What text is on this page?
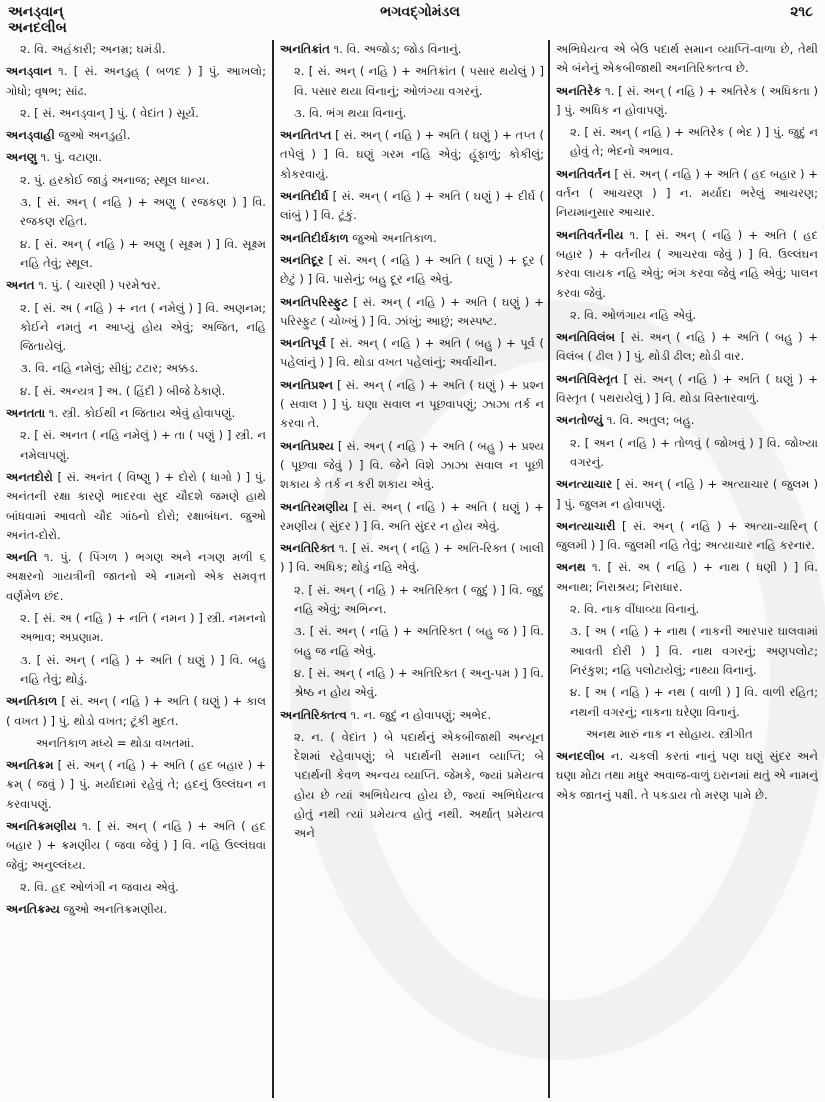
અનડ્વાન્
અનદલીબ
ભગવદ્ગોમંડલ	૨૧૮

૨. વિ. અહંકારી; અનમ્ર; ઘમંડી.

અનડ્વાન ૧. [ સં. અનડુહ્ ( બળદ ) ] પું. આખલો; ગોધો; વૃષભ; સાંઢ.

૨. [ સં. અનડ્વાન્ ] પું. ( વેદાંત ) સૂર્ય.

અનડ્વાહી જુઓ અનડુહી.

અનણુ ૧. પું. વટાણા.

૨. પું. હરકોઈ જાડું અનાજ; સ્થૂલ ધાન્ય.

૩. [ સં. અન્ ( નહિ ) + અણુ ( રજકણ ) ] વિ. રજકણ રહિત.

૪. [ સં. અન્ ( નહિ ) + અણુ ( સૂક્ષ્મ ) ] વિ. સૂક્ષ્મ નહિ તેવું; સ્થૂલ.

અનત ૧. પું. ( ચારણી ) પરમેશ્વર.

૨. [ સં. અ ( નહિ ) + નત ( નમેલું ) ] વિ. અણનમ; કોઈને નમતું ન આપ્યું હોય એવું; અજિત, નહિ જિતાયેલું.

૩. વિ. નહિ નમેલું; સીધું; ટટાર; અક્કડ.

૪. [ સં. અન્યત્ર ] અ. ( હિંદી ) બીજે ઠેકાણે.

અનતતા ૧. સ્ત્રી. કોઈથી ન જિતાય એવું હોવાપણું.

૨. [ સં. અનત ( નહિ નમેલું ) + તા ( પણું ) ] સ્ત્રી. ન નમેલાપણું.

અનતદોરો [ સં. અનંત ( વિષ્ણુ ) + દોરો ( ધાગો ) ] પું. અનંતની રક્ષા કારણે ભાદરવા સુદ ચૌદશે જમણે હાથે બાંધવામાં આવતો ચૌદ ગાંઠનો દોરો; રક્ષાબંધન. જુઓ અનંત-દોરો.

અનતિ ૧. પું. ( પિંગળ ) ભગણ અને નગણ મળી ૬ અક્ષરનો ગાયત્રીની જાતનો એ નામનો એક સમવૃત્ત વર્ણમેળ છંદ.

૨. [ સં. અ ( નહિ ) + નતિ ( નમન ) ] સ્ત્રી. નમનનો અભાવ; અપ્રણામ.

૩. [ સં. અન્ ( નહિ ) + અતિ ( ઘણું ) ] વિ. બહુ નહિ તેવું; થોડું.

અનતિકાળ [ સં. અન્ ( નહિ ) + અતિ ( ઘણું ) + કાલ ( વખત ) ] પું. થોડો વખત; ટૂંકી મુદત.

અનતિકાળ મધ્યે = થોડા વખતમાં.

અનતિક્રમ [ સં. અન્ ( નહિ ) + અતિ ( હદ બહાર ) + ક્રમ્ ( જવું ) ] પું. મર્યાદામાં રહેવું તે; હદનું ઉલ્લંઘન ન કરવાપણું.

અનતિક્રમણીય ૧. [ સં. અન્ ( નહિ ) + અતિ ( હદ બહાર ) + ક્રમણીય ( જવા જેવું ) ] વિ. નહિ ઉલ્લંઘવા જેવું; અનુલ્લંઘ્ય.

૨. વિ. હદ ઓળંગી ન જવાય એવું.

અનતિક્રમ્ય જુઓ અનતિક્રમણીય.

અનતિક્રાંત ૧. વિ. અજોડ; જોડ વિનાનું.

૨. [ સં. અન્ ( નહિ ) + અતિક્રાંત ( પસાર થયેલું ) ] વિ. પસાર થયા વિનાનું; ઓળંગ્યા વગરનું.

૩. વિ. ભંગ થયા વિનાનું.

અનતિતપ્ત [ સં. અન્ ( નહિ ) + અતિ ( ઘણું ) + તપ્ત ( તપેલું ) ] વિ. ઘણું ગરમ નહિ એવું; હૂંફાળું; કોકીલું; કોકરવાયું.

અનતિદીર્ઘ [ સં. અન્ ( નહિ ) + અતિ ( ઘણું ) + દીર્ઘ ( લાંબું ) ] વિ. ટૂંકું.

અનતિદીર્ઘકાળ જુઓ અનતિકાળ.

અનતિદૂર [ સં. અન્ ( નહિ ) + અતિ ( ઘણું ) + દૂર ( છેટું ) ] વિ. પાસેનું; બહુ દૂર નહિ એવું.

અનતિપરિસ્ફુટ [ સં. અન્ ( નહિ ) + અતિ ( ઘણું ) + પરિસ્ફુટ ( ચોખ્ખું ) ] વિ. ઝાંખું; આછું; અસ્પષ્ટ.

અનતિપૂર્વ [ સં. અન્ ( નહિ ) + અતિ ( બહુ ) + પૂર્વ ( પહેલાંનું ) ] વિ. થોડા વખત પહેલાંનું; અર્વાચીન.

અનતિપ્રશ્ન [ સં. અન્ ( નહિ ) + અતિ ( ઘણું ) + પ્રશ્ન ( સવાલ ) ] પું. ઘણા સવાલ ન પૂછવાપણું; ઝાઝા તર્ક ન કરવા તે.

અનતિપ્રશ્ય [ સં. અન્ ( નહિ ) + અતિ ( બહુ ) + પ્રશ્ય ( પૂછવા જેવું ) ] વિ. જેને વિશે ઝાઝા સવાલ ન પૂછી શકાય કે તર્ક ન કરી શકાય એવું.

અનતિરમણીય [ સં. અન્ ( નહિ ) + અતિ ( ઘણું ) + રમણીય ( સુંદર ) ] વિ. અતિ સુંદર ન હોય એવું.

અનતિરિક્ત ૧. [ સં. અન્ ( નહિ ) + અતિ-રિક્ત ( ખાલી ) ] વિ. અધિક; થોડું નહિ એવું.

૨. [ સં. અન્ ( નહિ ) + અતિરિક્ત ( જુદું ) ] વિ. જુદું નહિ એવું; અભિન્ન.

૩. [ સં. અન્ ( નહિ ) + અતિરિક્ત ( બહુ જ ) ] વિ. બહુ જ નહિ એવું.

૪. [ સં. અન્ ( નહિ ) + અતિરિક્ત ( અનુ-પમ ) ] વિ. શ્રેષ્ઠ ન હોય એવું.

અનતિરિક્તત્વ ૧. ન. જુદું ન હોવાપણું; અભેદ.

૨. ન. ( વેદાંત ) બે પદાર્થનું એકબીજાથી અન્યૂન દેશમાં રહેવાપણું; બે પદાર્થની સમાન વ્યાપ્તિ; બે પદાર્થની કેવળ અન્વય વ્યાપ્તિ. જેમકે, જ્યાં પ્રમેયત્વ હોય છે ત્યાં અભિધેયત્વ હોય છે, જ્યાં અભિધેયત્વ હોતું નથી ત્યાં પ્રમેયત્વ હોતું નથી. અર્થાત્ પ્રમેયત્વ અને

અભિધેયત્વ એ બેઉ પદાર્થ સમાન વ્યાપ્તિ-વાળા છે, તેથી એ બંનેનું એકબીજાથી અનતિરિક્તત્વ છે.

અનતિરેક ૧. [ સં. અન્ ( નહિ ) + અતિરેક ( અધિકતા ) ] પું. અધિક ન હોવાપણું.

૨. [ સં. અન્ ( નહિ ) + અતિરેક ( ભેદ ) ] પું. જુદું ન હોવું તે; ભેદનો અભાવ.

અનતિવર્તન [ સં. અન્ ( નહિ ) + અતિ ( હદ બહાર ) + વર્તન ( આચરણ ) ] ન. મર્યાદા ભરેલું આચરણ; નિયમાનુસાર આચાર.

અનતિવર્તનીય ૧. [ સં. અન્ ( નહિ ) + અતિ ( હદ બહાર ) + વર્તનીય ( આચરવા જેવું ) ] વિ. ઉલ્લંઘન કરવા લાયક નહિ એવું; ભંગ કરવા જેવું નહિ એવું; પાલન કરવા જેવું.

૨. વિ. ઓળંગાય નહિ એવું.

અનતિવિલંબ [ સં. અન્ ( નહિ ) + અતિ ( બહુ ) + વિલંબ ( ઢીલ ) ] પું. થોડી ઢીલ; થોડી વાર.

અનતિવિસ્તૃત [ સં. અન્ ( નહિ ) + અતિ ( ઘણું ) + વિસ્તૃત ( પથરાયેલું ) ] વિ. થોડા વિસ્તારવાળું.

અનતોળ્યું ૧. વિ. અતુલ; બહુ.

૨. [ અન ( નહિ ) + તોળવું ( જોખવું ) ] વિ. જોખ્યા વગરનું.

અનત્યાચાર [ સં. અન્ ( નહિ ) + અત્યાચાર ( જુલમ ) ] પું. જુલમ ન હોવાપણું.

અનત્યાચારી [ સં. અન્ ( નહિ ) + અત્યા-ચારિન્ ( જુલમી ) ] વિ. જુલમી નહિ તેવું; અત્યાચાર નહિ કરનાર.

અનથ ૧. [ સં. અ ( નહિ ) + નાથ ( ધણી ) ] વિ. અનાથ; નિરાશ્રય; નિરાધાર.

૨. વિ. નાક વીંધાવ્યા વિનાનું.

૩. [ અ ( નહિ ) + નાથ ( નાકની આરપાર ઘાલવામાં આવતી દોરી ) ] વિ. નાથ વગરનું; અણપલોટ; નિરંકુશ; નહિ પલોટાયેલું; નાથ્યા વિનાનું.

૪. [ અ ( નહિ ) + નથ ( વાળી ) ] વિ. વાળી રહિત; નથની વગરનું; નાકના ઘરેણા વિનાનું.

અનથ મારું નાક ન સોહાય. સ્ત્રીગીત

અનદલીબ ન. ચકલી કરતાં નાનું પણ ઘણું સુંદર અને ઘણા મોટા તથા મધુર અવાજ-વાળું ઇરાનમાં થતું એ નામનું એક જાતનું પક્ષી. તે પકડાય તો મરણ પામે છે.
